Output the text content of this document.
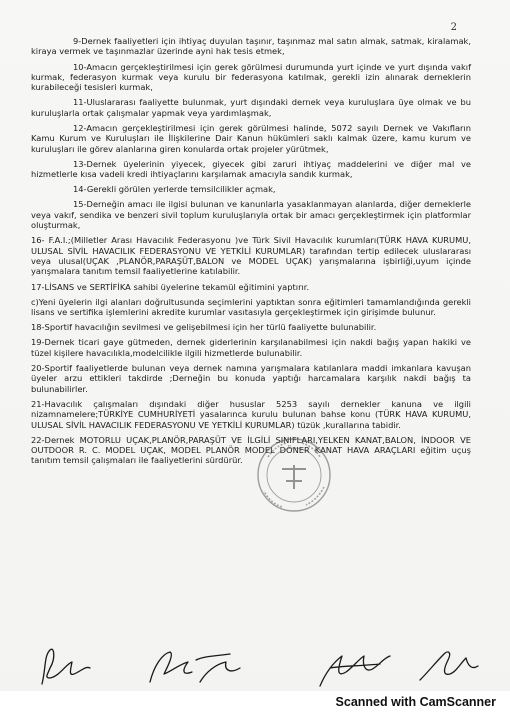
2

9-Dernek faaliyetleri için ihtiyaç duyulan taşınır, taşınmaz mal satın almak, satmak, kiralamak, kiraya vermek ve taşınmazlar üzerinde ayni hak tesis etmek,

10-Amacın gerçekleştirilmesi için gerek görülmesi durumunda yurt içinde ve yurt dışında vakıf kurmak, federasyon kurmak veya kurulu bir federasyona katılmak, gerekli izin alınarak derneklerin kurabileceği tesisleri kurmak,

11-Uluslararası faaliyette bulunmak, yurt dışındaki dernek veya kuruluşlara üye olmak ve bu kuruluşlarla ortak çalışmalar yapmak veya yardımlaşmak,

12-Amacın gerçekleştirilmesi için gerek görülmesi halinde, 5072 sayılı Dernek ve Vakıfların Kamu Kurum ve Kuruluşları ile İlişkilerine Dair Kanun hükümleri saklı kalmak üzere, kamu kurum ve kuruluşları ile görev alanlarına giren konularda ortak projeler yürütmek,

13-Dernek üyelerinin yiyecek, giyecek gibi zaruri ihtiyaç maddelerini ve diğer mal ve hizmetlerle kısa vadeli kredi ihtiyaçlarını karşılamak amacıyla sandık kurmak,

14-Gerekli görülen yerlerde temsilcilikler açmak,

15-Derneğin amacı ile ilgisi bulunan ve kanunlarla yasaklanmayan alanlarda, diğer derneklerle veya vakıf, sendika ve benzeri sivil toplum kuruluşlarıyla ortak bir amacı gerçekleştirmek için platformlar oluşturmak,

16- F.A.I.;(Milletler Arası Havacılık Federasyonu )ve Türk Sivil Havacılık kurumları(TÜRK HAVA KURUMU, ULUSAL SİVİL HAVACILIK FEDERASYONU VE YETKİLİ KURUMLAR) tarafından tertip edilecek uluslararası veya ulusal(UÇAK ,PLANÖR,PARAŞÜT,BALON ve MODEL UÇAK) yarışmalarına işbirliği,uyum içinde yarışmalara tanıtım temsil faaliyetlerine katılabilir.

17-LİSANS ve SERTİFİKA sahibi üyelerine tekamül eğitimini yaptırır.

c)Yeni üyelerin ilgi alanları doğrultusunda seçimlerini yaptıktan sonra eğitimleri tamamlandığında gerekli lisans ve sertifika işlemlerini akredite kurumlar vasıtasıyla gerçekleştirmek için girişimde bulunur.

18-Sportif havacılığın sevilmesi ve gelişebilmesi için her türlü faaliyette bulunabilir.

19-Dernek ticari gaye gütmeden, dernek giderlerinin karşılanabilmesi için nakdi bağış yapan hakiki ve tüzel kişilere havacılıkla,modelcilikle ilgili hizmetlerde bulunabilir.

20-Sportif faaliyetlerde bulunan veya dernek namına yarışmalara katılanlara maddi imkanlara kavuşan üyeler arzu ettikleri takdirde ;Derneğin bu konuda yaptığı harcamalara karşılık nakdi bağış ta bulunabilirler.

21-Havacılık çalışmaları dışındaki diğer hususlar 5253 sayılı dernekler kanuna ve ilgili nizamnamelere;TÜRKİYE CUMHURİYETİ yasalarınca kurulu bulunan bahse konu (TÜRK HAVA KURUMU, ULUSAL SİVİL HAVACILIK FEDERASYONU VE YETKİLİ KURUMLAR) tüzük ,kurallarına tabidir.

22-Dernek MOTORLU UÇAK,PLANÖR,PARAŞÜT VE İLGİLİ SINIFLARI,YELKEN KANAT,BALON, İNDOOR VE OUTDOOR R. C. MODEL UÇAK, MODEL PLANÖR MODEL DÖNER KANAT HAVA ARAÇLARI eğitim uçuş tanıtım temsil çalışmaları ile faaliyetlerini sürdürür.

Scanned with CamScanner
